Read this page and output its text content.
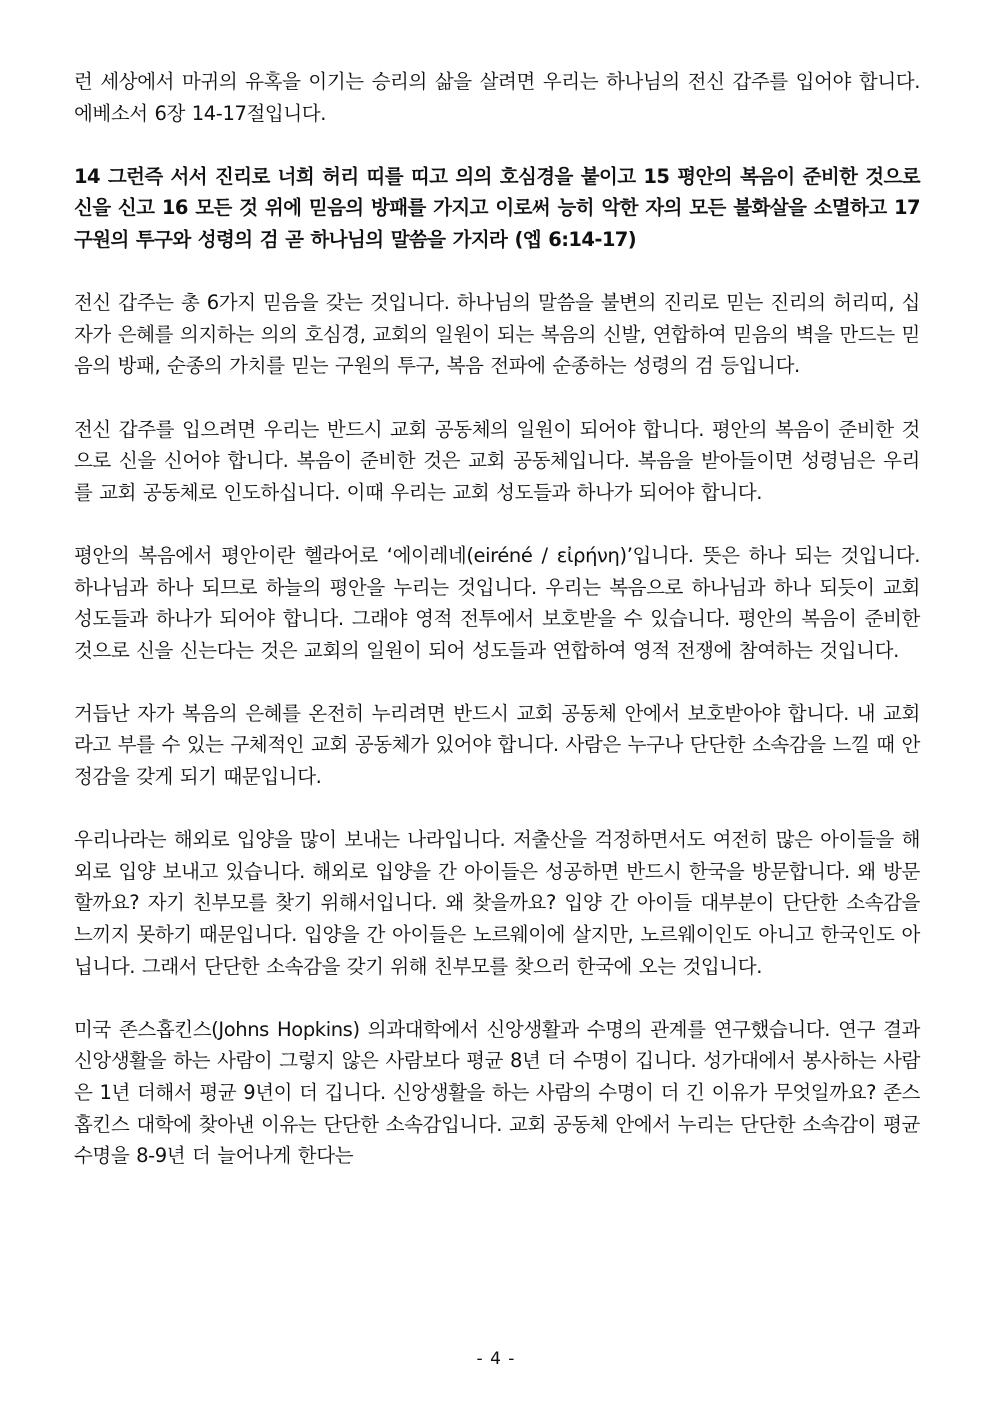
런 세상에서 마귀의 유혹을 이기는 승리의 삶을 살려면 우리는 하나님의 전신 갑주를 입어야 합니다. 에베소서 6장 14-17절입니다.

14 그런즉 서서 진리로 너희 허리 띠를 띠고 의의 호심경을 붙이고 15 평안의 복음이 준비한 것으로 신을 신고 16 모든 것 위에 믿음의 방패를 가지고 이로써 능히 악한 자의 모든 불화살을 소멸하고 17 구원의 투구와 성령의 검 곧 하나님의 말씀을 가지라 (엡 6:14-17)

전신 갑주는 총 6가지 믿음을 갖는 것입니다. 하나님의 말씀을 불변의 진리로 믿는 진리의 허리띠, 십자가 은혜를 의지하는 의의 호심경, 교회의 일원이 되는 복음의 신발, 연합하여 믿음의 벽을 만드는 믿음의 방패, 순종의 가치를 믿는 구원의 투구, 복음 전파에 순종하는 성령의 검 등입니다.

전신 갑주를 입으려면 우리는 반드시 교회 공동체의 일원이 되어야 합니다. 평안의 복음이 준비한 것으로 신을 신어야 합니다. 복음이 준비한 것은 교회 공동체입니다. 복음을 받아들이면 성령님은 우리를 교회 공동체로 인도하십니다. 이때 우리는 교회 성도들과 하나가 되어야 합니다.

평안의 복음에서 평안이란 헬라어로 ‘에이레네(eiréné / εἰρήνη)’입니다. 뜻은 하나 되는 것입니다. 하나님과 하나 되므로 하늘의 평안을 누리는 것입니다. 우리는 복음으로 하나님과 하나 되듯이 교회 성도들과 하나가 되어야 합니다. 그래야 영적 전투에서 보호받을 수 있습니다. 평안의 복음이 준비한 것으로 신을 신는다는 것은 교회의 일원이 되어 성도들과 연합하여 영적 전쟁에 참여하는 것입니다.

거듭난 자가 복음의 은혜를 온전히 누리려면 반드시 교회 공동체 안에서 보호받아야 합니다. 내 교회라고 부를 수 있는 구체적인 교회 공동체가 있어야 합니다. 사람은 누구나 단단한 소속감을 느낄 때 안정감을 갖게 되기 때문입니다.

우리나라는 해외로 입양을 많이 보내는 나라입니다. 저출산을 걱정하면서도 여전히 많은 아이들을 해외로 입양 보내고 있습니다. 해외로 입양을 간 아이들은 성공하면 반드시 한국을 방문합니다. 왜 방문할까요? 자기 친부모를 찾기 위해서입니다. 왜 찾을까요? 입양 간 아이들 대부분이 단단한 소속감을 느끼지 못하기 때문입니다. 입양을 간 아이들은 노르웨이에 살지만, 노르웨이인도 아니고 한국인도 아닙니다. 그래서 단단한 소속감을 갖기 위해 친부모를 찾으러 한국에 오는 것입니다.

미국 존스홉킨스(Johns Hopkins) 의과대학에서 신앙생활과 수명의 관계를 연구했습니다. 연구 결과 신앙생활을 하는 사람이 그렇지 않은 사람보다 평균 8년 더 수명이 깁니다. 성가대에서 봉사하는 사람은 1년 더해서 평균 9년이 더 깁니다. 신앙생활을 하는 사람의 수명이 더 긴 이유가 무엇일까요? 존스 홉킨스 대학에 찾아낸 이유는 단단한 소속감입니다. 교회 공동체 안에서 누리는 단단한 소속감이 평균 수명을 8-9년 더 늘어나게 한다는

- 4 -
